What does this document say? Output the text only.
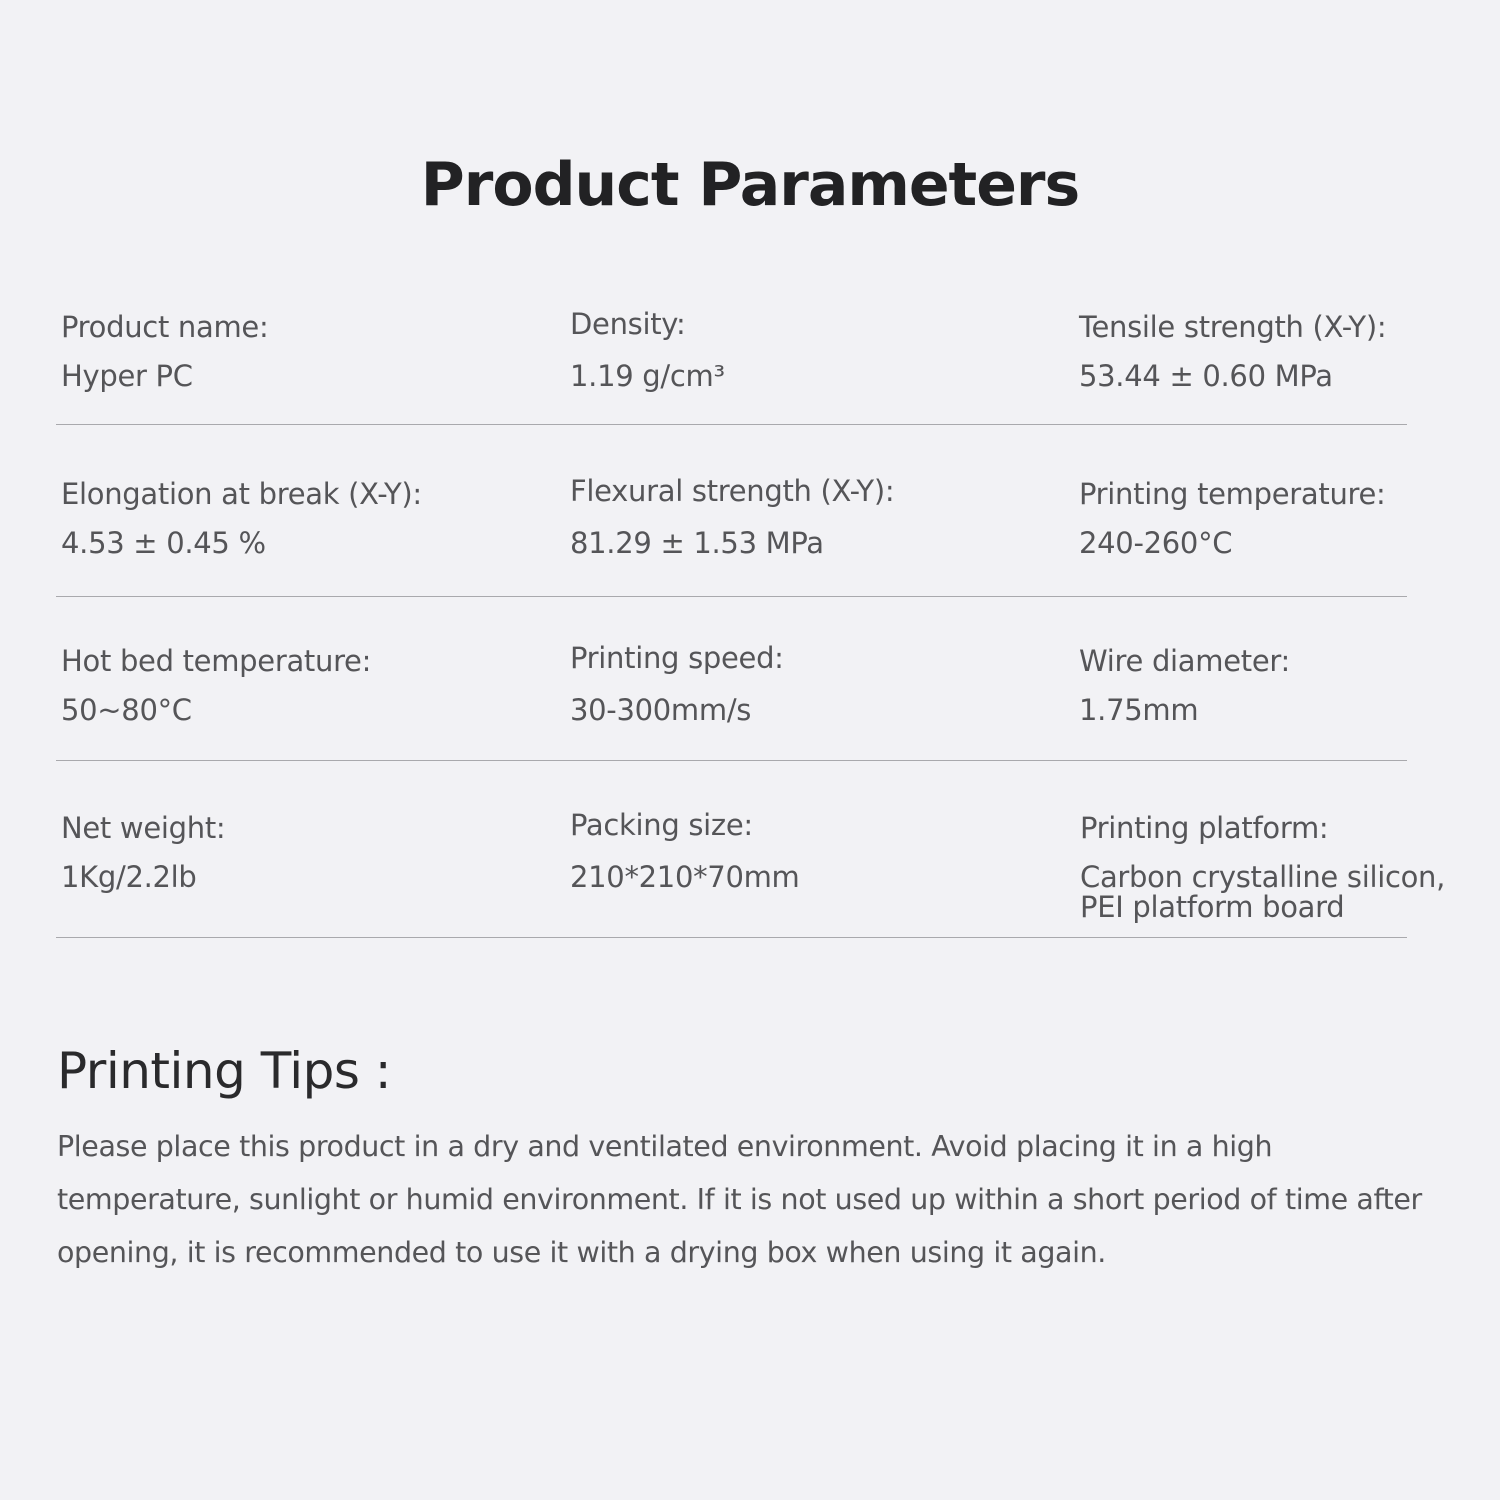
Product Parameters
Product name:
Hyper PC
Density:
1.19 g/cm³
Tensile strength (X-Y):
53.44 ± 0.60 MPa
Elongation at break (X-Y):
4.53 ± 0.45 %
Flexural strength (X-Y):
81.29 ± 1.53 MPa
Printing temperature:
240-260°C
Hot bed temperature:
50~80°C
Printing speed:
30-300mm/s
Wire diameter:
1.75mm
Net weight:
1Kg/2.2lb
Packing size:
210*210*70mm
Printing platform:
Carbon crystalline silicon,
PEI platform board
Printing Tips :
Please place this product in a dry and ventilated environment. Avoid placing it in a high temperature, sunlight or humid environment. If it is not used up within a short period of time after opening, it is recommended to use it with a drying box when using it again.
